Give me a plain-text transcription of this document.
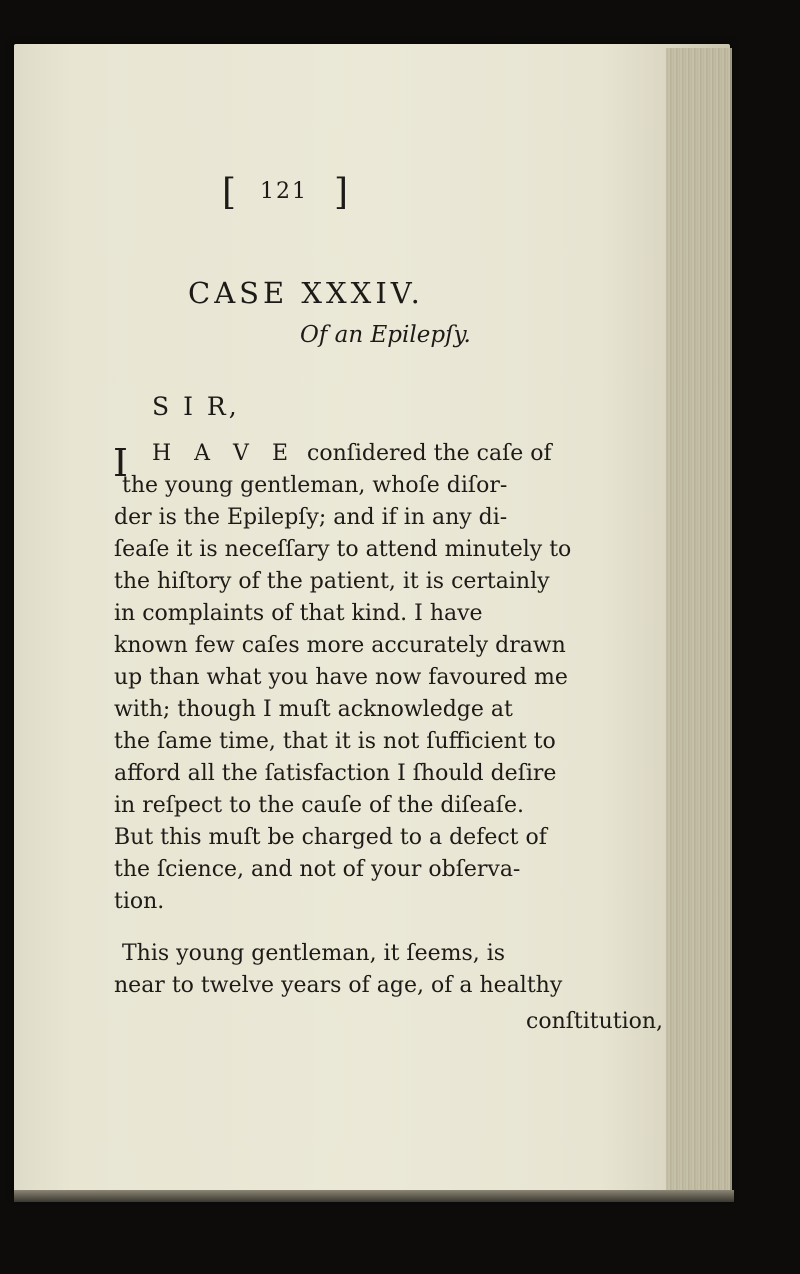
[ $^{121}$ ]
CASE XXXIV.
Of an Epilepſy.
S I R,
I H A V E conſidered the caſe of
the young gentleman, whoſe diſor-
der is the Epilepſy; and if in any di-
ſeaſe it is neceſſary to attend minutely to
the hiſtory of the patient, it is certainly
in complaints of that kind. I have
known few caſes more accurately drawn
up than what you have now favoured me
with; though I muſt acknowledge at
the ſame time, that it is not ſufficient to
afford all the ſatisfaction I ſhould deſire
in reſpect to the cauſe of the diſeaſe.
But this muſt be charged to a defect of
the ſcience, and not of your obſerva-
tion.
This young gentleman, it ſeems, is
near to twelve years of age, of a healthy
conſtitution,
